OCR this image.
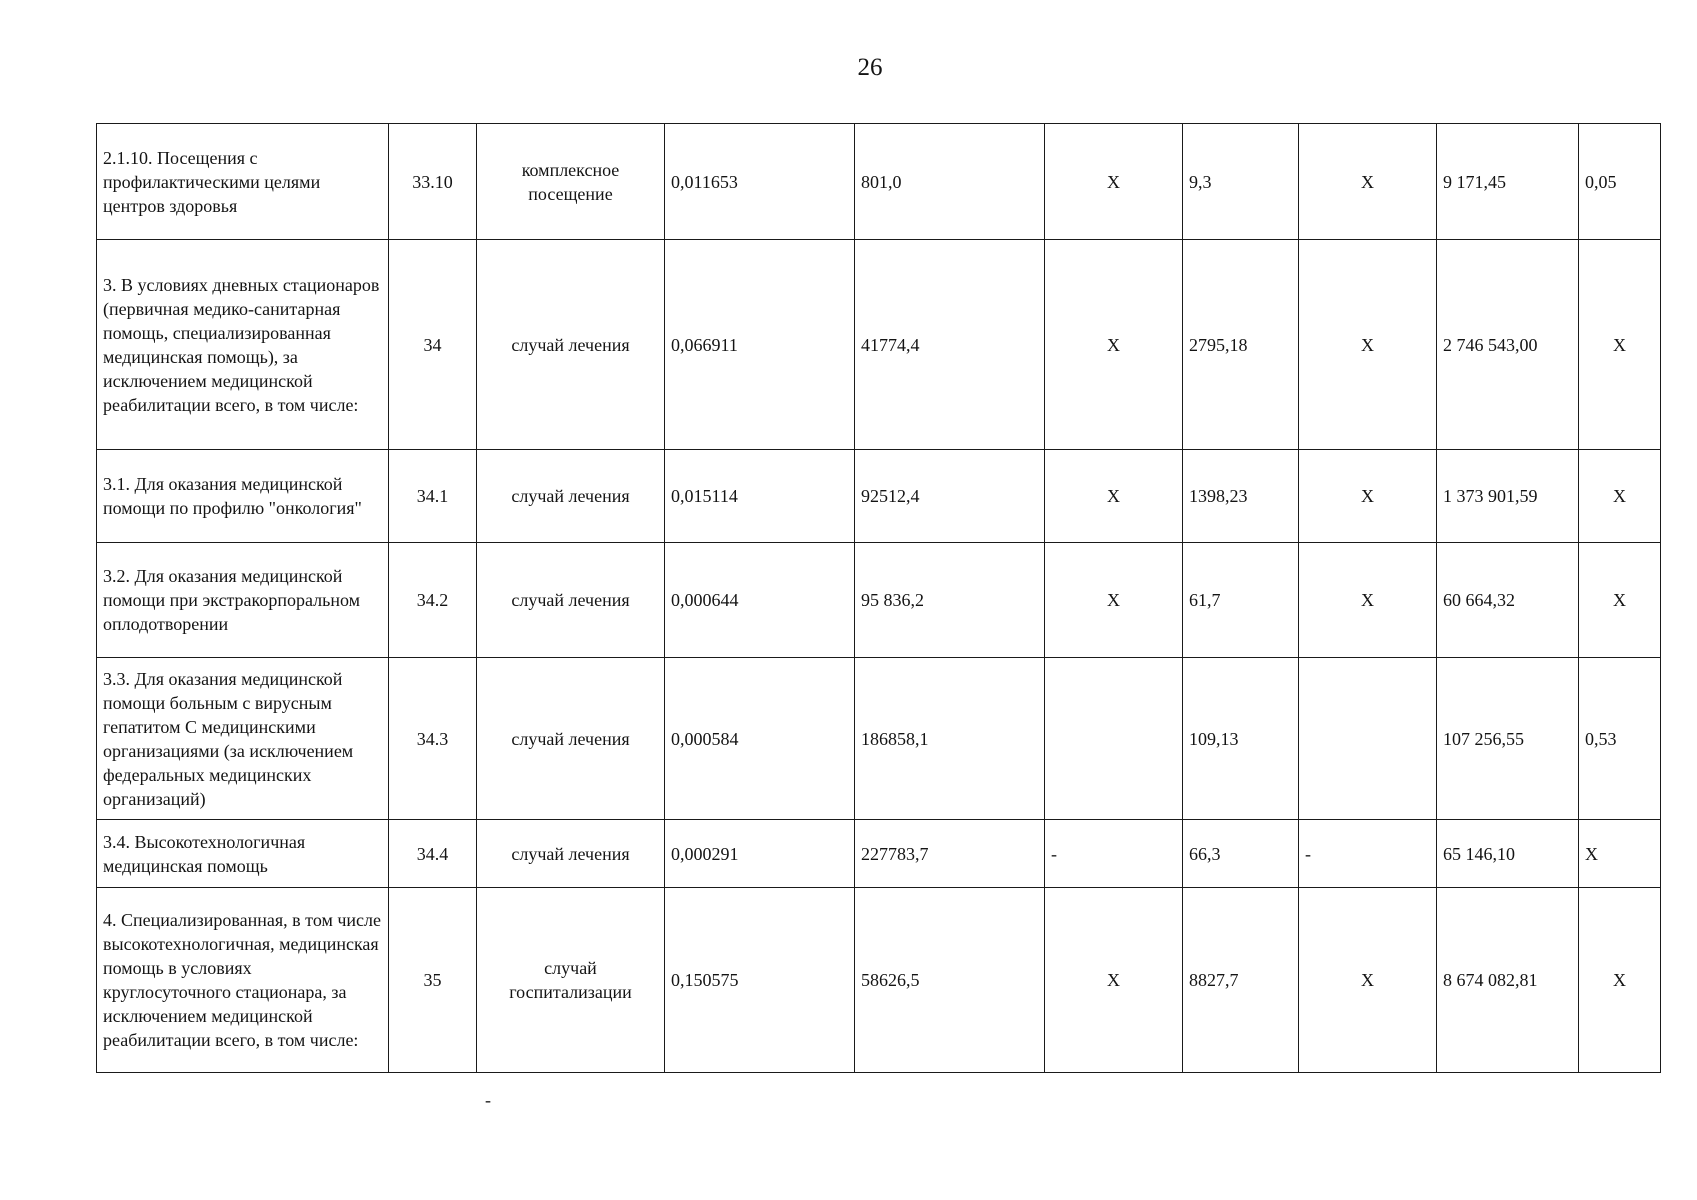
26
2.1.10. Посещения с профилактическими целями центров здоровья	33.10	комплексное посещение	0,011653	801,0	X	9,3	X	9 171,45	0,05
3. В условиях дневных стационаров (первичная медико-санитарная помощь, специализированная медицинская помощь), за исключением медицинской реабилитации всего, в том числе:	34	случай лечения	0,066911	41774,4	X	2795,18	X	2 746 543,00	X
3.1. Для оказания медицинской помощи по профилю "онкология"	34.1	случай лечения	0,015114	92512,4	X	1398,23	X	1 373 901,59	X
3.2. Для оказания медицинской помощи при экстракорпоральном оплодотворении	34.2	случай лечения	0,000644	95 836,2	X	61,7	X	60 664,32	X
3.3. Для оказания медицинской помощи больным с вирусным гепатитом С медицинскими организациями (за исключением федеральных медицинских организаций)	34.3	случай лечения	0,000584	186858,1		109,13		107 256,55	0,53
3.4. Высокотехнологичная медицинская помощь	34.4	случай лечения	0,000291	227783,7	-	66,3	-	65 146,10	X
4. Специализированная, в том числе высокотехнологичная, медицинская помощь в условиях круглосуточного стационара, за исключением медицинской реабилитации всего, в том числе:	35	случай госпитализации	0,150575	58626,5	X	8827,7	X	8 674 082,81	X
-
